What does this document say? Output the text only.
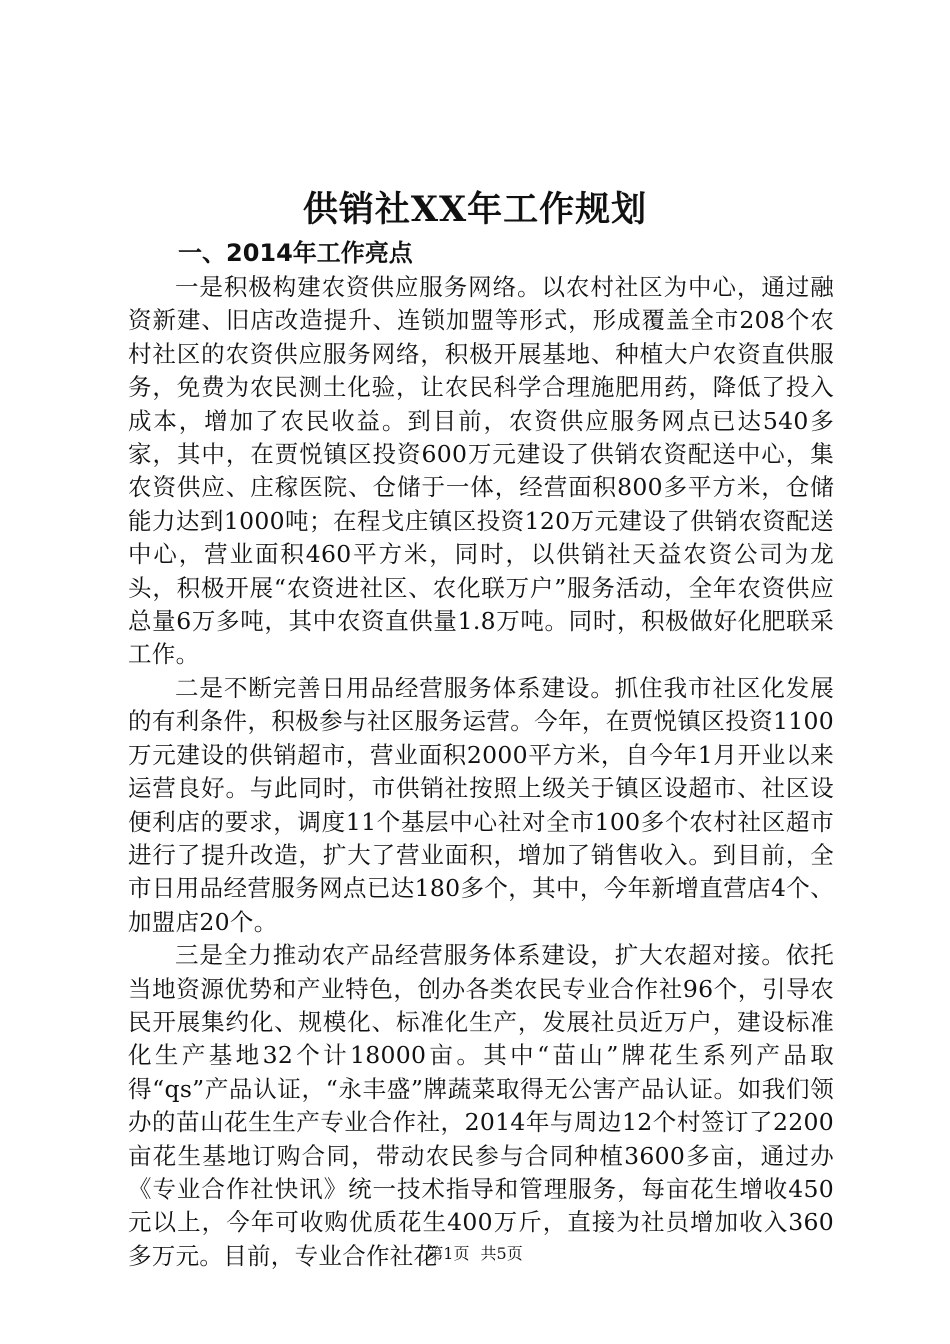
供销社XX年工作规划
一、2014年工作亮点

一是积极构建农资供应服务网络。以农村社区为中心，通过融资新建、旧店改造提升、连锁加盟等形式，形成覆盖全市208个农村社区的农资供应服务网络，积极开展基地、种植大户农资直供服务，免费为农民测土化验，让农民科学合理施肥用药，降低了投入成本，增加了农民收益。到目前，农资供应服务网点已达540多家，其中，在贾悦镇区投资600万元建设了供销农资配送中心，集农资供应、庄稼医院、仓储于一体，经营面积800多平方米，仓储能力达到1000吨；在程戈庄镇区投资120万元建设了供销农资配送中心，营业面积460平方米，同时，以供销社天益农资公司为龙头，积极开展“农资进社区、农化联万户”服务活动，全年农资供应总量6万多吨，其中农资直供量1.8万吨。同时，积极做好化肥联采工作。

二是不断完善日用品经营服务体系建设。抓住我市社区化发展的有利条件，积极参与社区服务运营。今年，在贾悦镇区投资1100万元建设的供销超市，营业面积2000平方米，自今年1月开业以来运营良好。与此同时，市供销社按照上级关于镇区设超市、社区设便利店的要求，调度11个基层中心社对全市100多个农村社区超市进行了提升改造，扩大了营业面积，增加了销售收入。到目前，全市日用品经营服务网点已达180多个，其中，今年新增直营店4个、加盟店20个。

三是全力推动农产品经营服务体系建设，扩大农超对接。依托当地资源优势和产业特色，创办各类农民专业合作社96个，引导农民开展集约化、规模化、标准化生产，发展社员近万户，建设标准化生产基地32个计18000亩。其中“苗山”牌花生系列产品取得“qs”产品认证，“永丰盛”牌蔬菜取得无公害产品认证。如我们领办的苗山花生生产专业合作社，2014年与周边12个村签订了2200亩花生基地订购合同，带动农民参与合同种植3600多亩，通过办《专业合作社快讯》统一技术指导和管理服务，每亩花生增收450元以上，今年可收购优质花生400万斤，直接为社员增加收入360多万元。目前，专业合作社花

第1页 共5页
